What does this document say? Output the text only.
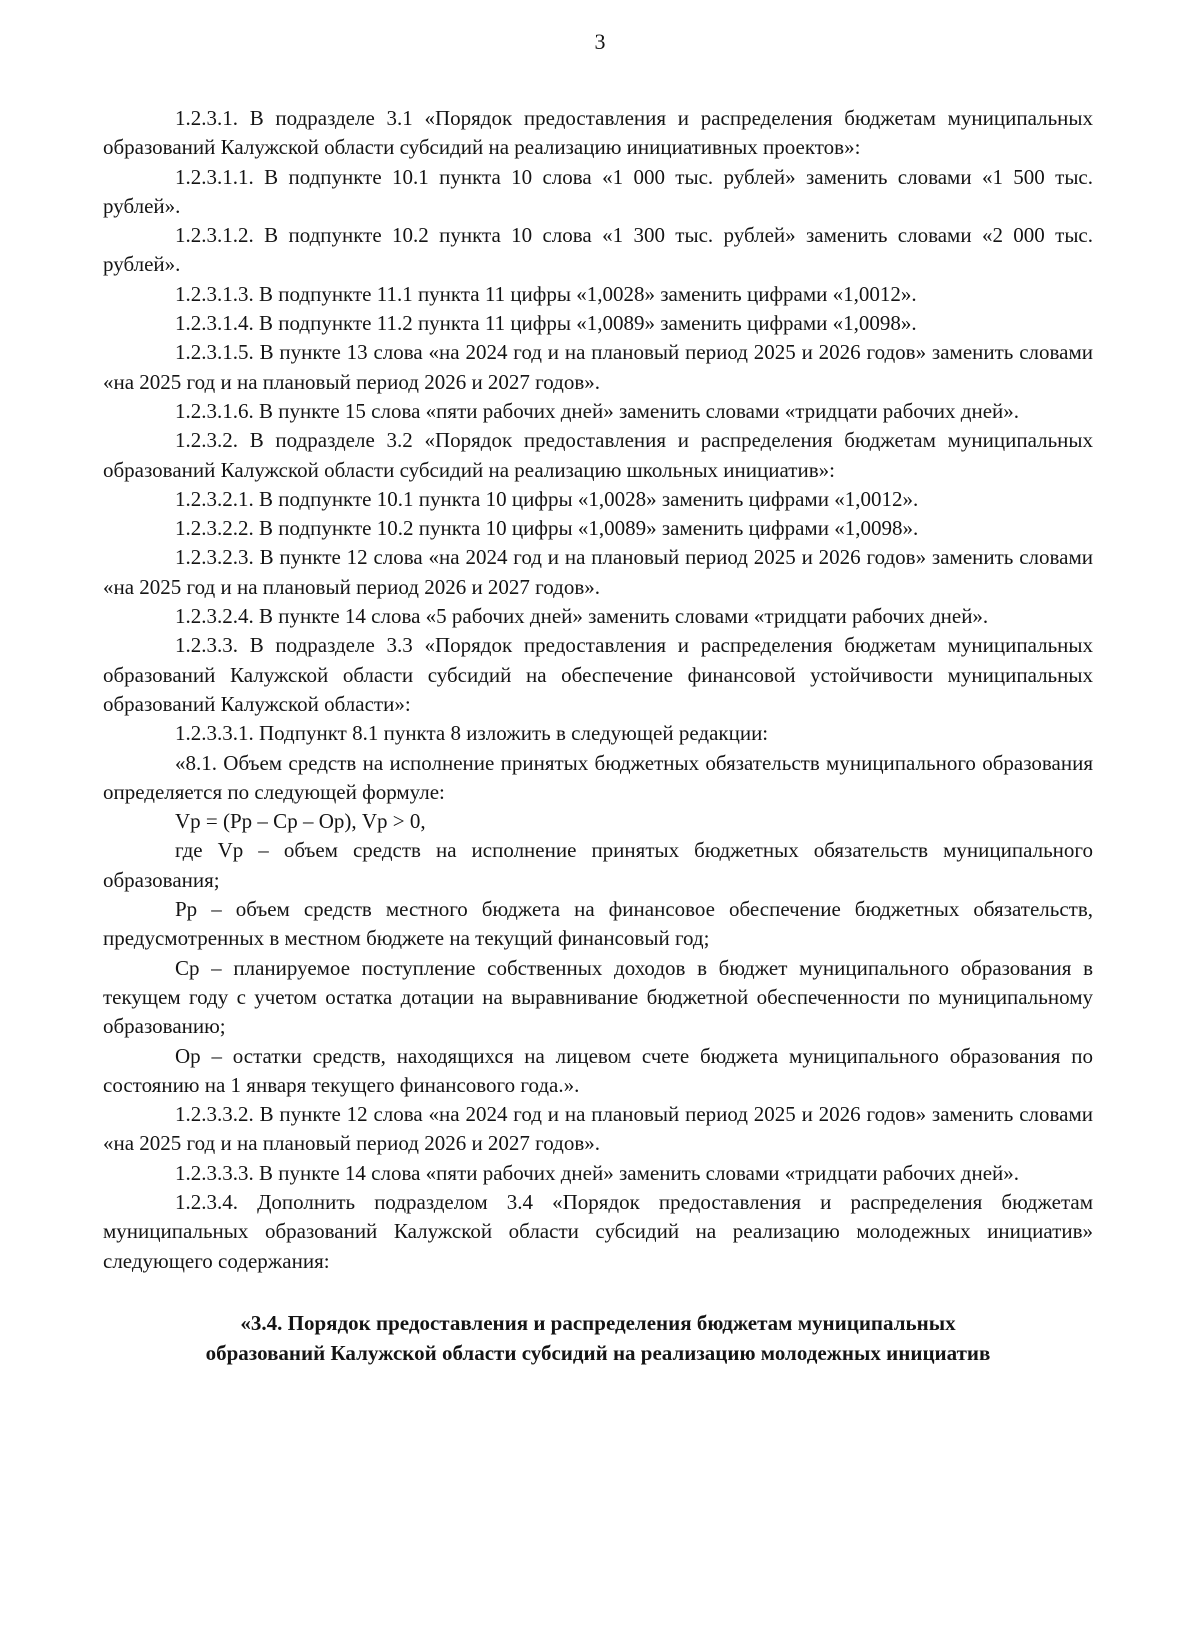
3

1.2.3.1. В подразделе 3.1 «Порядок предоставления и распределения бюджетам муниципальных образований Калужской области субсидий на реализацию инициативных проектов»:

1.2.3.1.1. В подпункте 10.1 пункта 10 слова «1 000 тыс. рублей» заменить словами «1 500 тыс. рублей».

1.2.3.1.2. В подпункте 10.2 пункта 10 слова «1 300 тыс. рублей» заменить словами «2 000 тыс. рублей».

1.2.3.1.3. В подпункте 11.1 пункта 11 цифры «1,0028» заменить цифрами «1,0012».

1.2.3.1.4. В подпункте 11.2 пункта 11 цифры «1,0089» заменить цифрами «1,0098».

1.2.3.1.5. В пункте 13 слова «на 2024 год и на плановый период 2025 и 2026 годов» заменить словами «на 2025 год и на плановый период 2026 и 2027 годов».

1.2.3.1.6. В пункте 15 слова «пяти рабочих дней» заменить словами «тридцати рабочих дней».

1.2.3.2. В подразделе 3.2 «Порядок предоставления и распределения бюджетам муниципальных образований Калужской области субсидий на реализацию школьных инициатив»:

1.2.3.2.1. В подпункте 10.1 пункта 10 цифры «1,0028» заменить цифрами «1,0012».

1.2.3.2.2. В подпункте 10.2 пункта 10 цифры «1,0089» заменить цифрами «1,0098».

1.2.3.2.3. В пункте 12 слова «на 2024 год и на плановый период 2025 и 2026 годов» заменить словами «на 2025 год и на плановый период 2026 и 2027 годов».

1.2.3.2.4. В пункте 14 слова «5 рабочих дней» заменить словами «тридцати рабочих дней».

1.2.3.3. В подразделе 3.3 «Порядок предоставления и распределения бюджетам муниципальных образований Калужской области субсидий на обеспечение финансовой устойчивости муниципальных образований Калужской области»:

1.2.3.3.1. Подпункт 8.1 пункта 8 изложить в следующей редакции:

«8.1. Объем средств на исполнение принятых бюджетных обязательств муниципального образования определяется по следующей формуле:

Vр = (Рр – Ср – Ор), Vр > 0,

где Vр – объем средств на исполнение принятых бюджетных обязательств муниципального образования;

Рр – объем средств местного бюджета на финансовое обеспечение бюджетных обязательств, предусмотренных в местном бюджете на текущий финансовый год;

Ср – планируемое поступление собственных доходов в бюджет муниципального образования в текущем году с учетом остатка дотации на выравнивание бюджетной обеспеченности по муниципальному образованию;

Ор – остатки средств, находящихся на лицевом счете бюджета муниципального образования по состоянию на 1 января текущего финансового года.».

1.2.3.3.2. В пункте 12 слова «на 2024 год и на плановый период 2025 и 2026 годов» заменить словами «на 2025 год и на плановый период 2026 и 2027 годов».

1.2.3.3.3. В пункте 14 слова «пяти рабочих дней» заменить словами «тридцати рабочих дней».

1.2.3.4. Дополнить подразделом 3.4 «Порядок предоставления и распределения бюджетам муниципальных образований Калужской области субсидий на реализацию молодежных инициатив» следующего содержания:

«3.4. Порядок предоставления и распределения бюджетам муниципальных
образований Калужской области субсидий на реализацию молодежных инициатив
